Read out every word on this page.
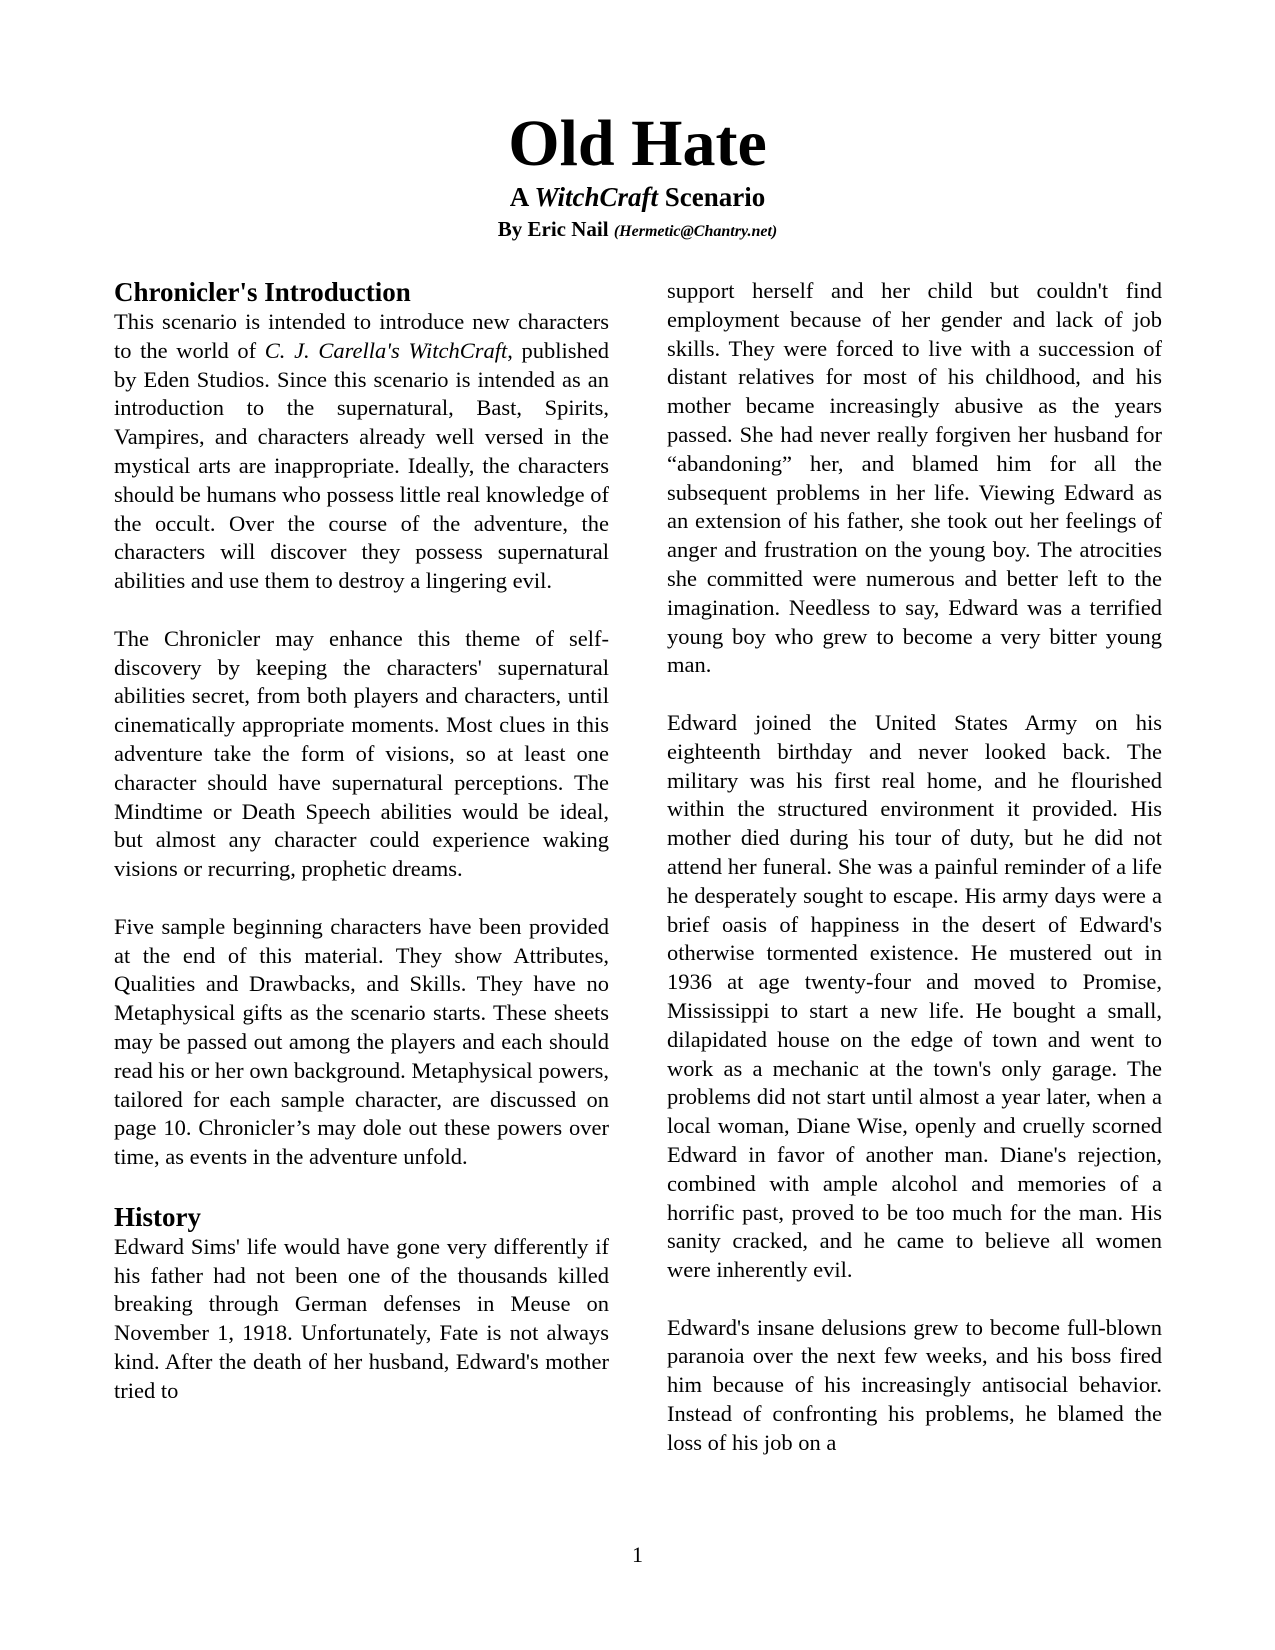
Old Hate
A WitchCraft Scenario
By Eric Nail (Hermetic@Chantry.net)
Chronicler's Introduction

This scenario is intended to introduce new characters to the world of C. J. Carella's WitchCraft, published by Eden Studios. Since this scenario is intended as an introduction to the supernatural, Bast, Spirits, Vampires, and characters already well versed in the mystical arts are inappropriate. Ideally, the characters should be humans who possess little real knowledge of the occult. Over the course of the adventure, the characters will discover they possess supernatural abilities and use them to destroy a lingering evil.

The Chronicler may enhance this theme of self-discovery by keeping the characters' supernatural abilities secret, from both players and characters, until cinematically appropriate moments. Most clues in this adventure take the form of visions, so at least one character should have supernatural perceptions. The Mindtime or Death Speech abilities would be ideal, but almost any character could experience waking visions or recurring, prophetic dreams.

Five sample beginning characters have been provided at the end of this material. They show Attributes, Qualities and Drawbacks, and Skills. They have no Metaphysical gifts as the scenario starts. These sheets may be passed out among the players and each should read his or her own background. Metaphysical powers, tailored for each sample character, are discussed on page 10. Chronicler’s may dole out these powers over time, as events in the adventure unfold.

History

Edward Sims' life would have gone very differently if his father had not been one of the thousands killed breaking through German defenses in Meuse on November 1, 1918. Unfortunately, Fate is not always kind. After the death of her husband, Edward's mother tried to

support herself and her child but couldn't find employment because of her gender and lack of job skills. They were forced to live with a succession of distant relatives for most of his childhood, and his mother became increasingly abusive as the years passed. She had never really forgiven her husband for “abandoning” her, and blamed him for all the subsequent problems in her life. Viewing Edward as an extension of his father, she took out her feelings of anger and frustration on the young boy. The atrocities she committed were numerous and better left to the imagination. Needless to say, Edward was a terrified young boy who grew to become a very bitter young man.

Edward joined the United States Army on his eighteenth birthday and never looked back. The military was his first real home, and he flourished within the structured environment it provided. His mother died during his tour of duty, but he did not attend her funeral. She was a painful reminder of a life he desperately sought to escape. His army days were a brief oasis of happiness in the desert of Edward's otherwise tormented existence. He mustered out in 1936 at age twenty-four and moved to Promise, Mississippi to start a new life. He bought a small, dilapidated house on the edge of town and went to work as a mechanic at the town's only garage. The problems did not start until almost a year later, when a local woman, Diane Wise, openly and cruelly scorned Edward in favor of another man. Diane's rejection, combined with ample alcohol and memories of a horrific past, proved to be too much for the man. His sanity cracked, and he came to believe all women were inherently evil.

Edward's insane delusions grew to become full-blown paranoia over the next few weeks, and his boss fired him because of his increasingly antisocial behavior. Instead of confronting his problems, he blamed the loss of his job on a

1
